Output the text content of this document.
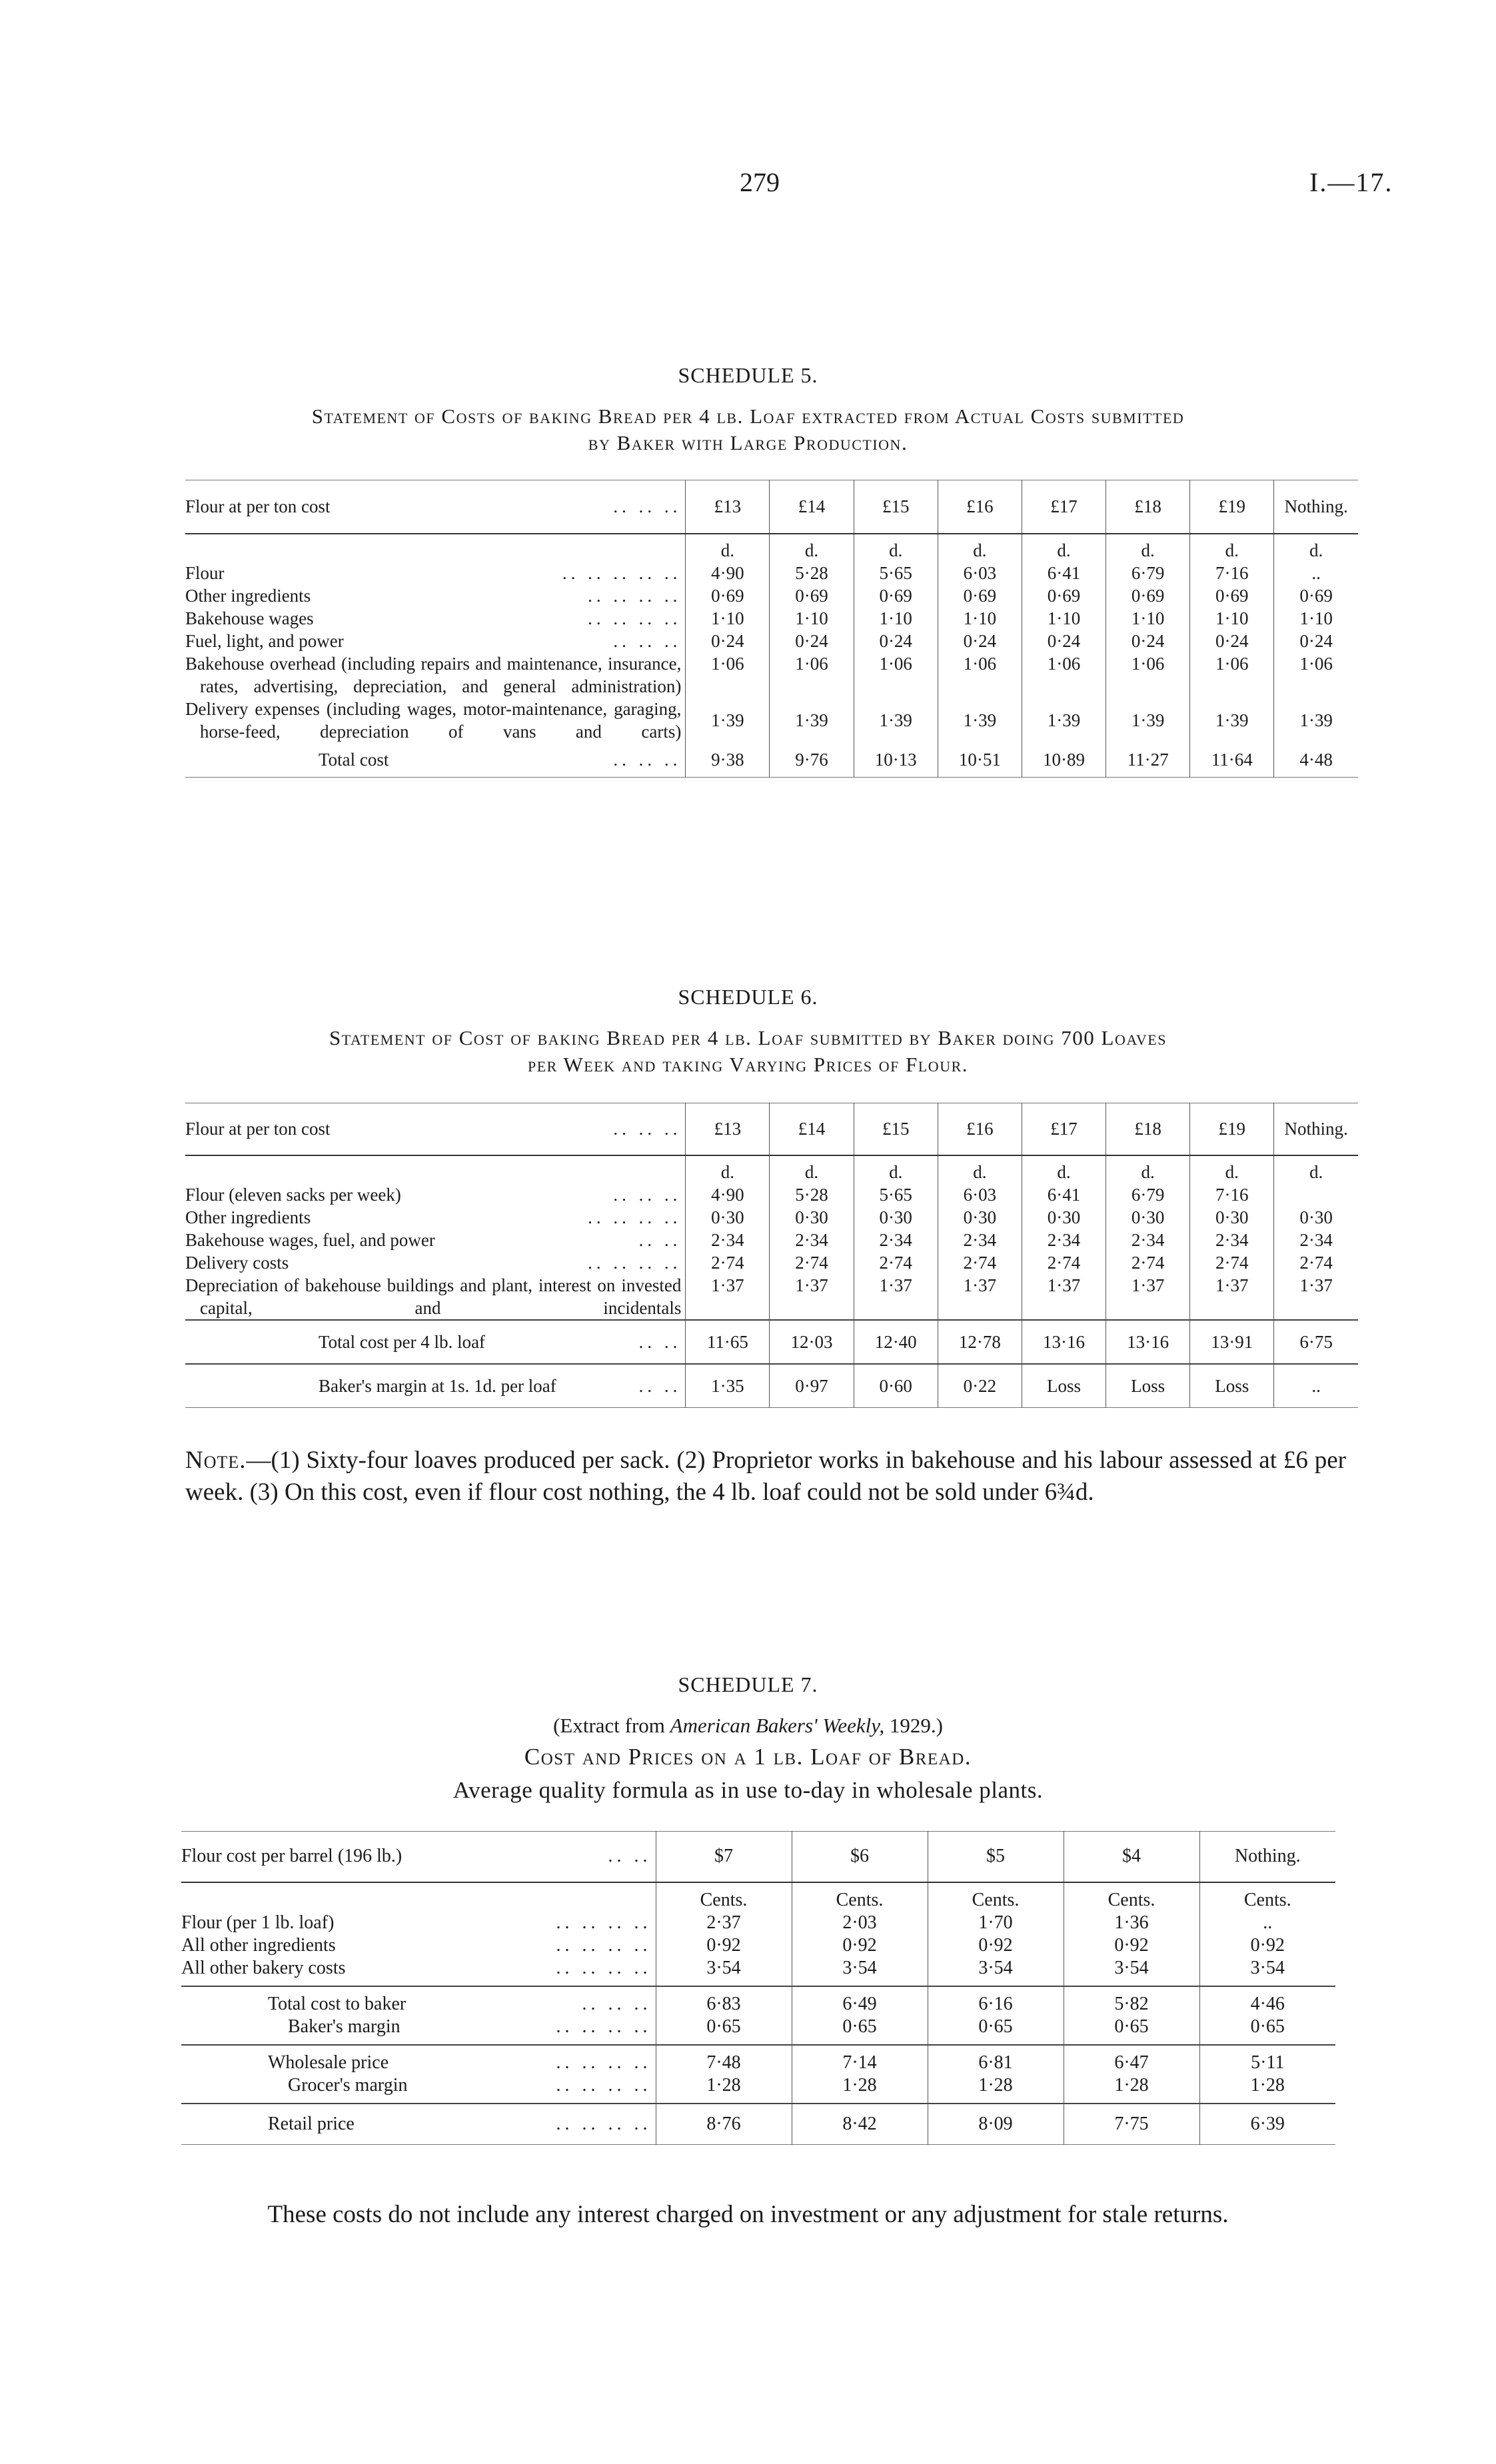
279	I.—17.
SCHEDULE 5.
Statement of Costs of baking Bread per 4 lb. Loaf extracted from Actual Costs submitted
by Baker with Large Production.
Flour at per ton cost .. .. ..	£13	£14	£15	£16	£17	£18	£19	Nothing.
	d.	d.	d.	d.	d.	d.	d.	d.
Flour .. .. .. .. ..	4·90	5·28	5·65	6·03	6·41	6·79	7·16	..
Other ingredients .. .. .. ..	0·69	0·69	0·69	0·69	0·69	0·69	0·69	0·69
Bakehouse wages .. .. .. ..	1·10	1·10	1·10	1·10	1·10	1·10	1·10	1·10
Fuel, light, and power .. .. ..	0·24	0·24	0·24	0·24	0·24	0·24	0·24	0·24
Bakehouse overhead (including repairs and maintenance, insurance, rates, advertising, depreciation, and general administration)	1·06	1·06	1·06	1·06	1·06	1·06	1·06	1·06
Delivery expenses (including wages, motor-maintenance, garaging, horse-feed, depreciation of vans and carts)	1·39	1·39	1·39	1·39	1·39	1·39	1·39	1·39
Total cost .. .. ..	9·38	9·76	10·13	10·51	10·89	11·27	11·64	4·48
SCHEDULE 6.
Statement of Cost of baking Bread per 4 lb. Loaf submitted by Baker doing 700 Loaves
per Week and taking Varying Prices of Flour.
Flour at per ton cost .. .. ..	£13	£14	£15	£16	£17	£18	£19	Nothing.
	d.	d.	d.	d.	d.	d.	d.	d.
Flour (eleven sacks per week) .. .. ..	4·90	5·28	5·65	6·03	6·41	6·79	7·16	
Other ingredients .. .. .. ..	0·30	0·30	0·30	0·30	0·30	0·30	0·30	0·30
Bakehouse wages, fuel, and power .. ..	2·34	2·34	2·34	2·34	2·34	2·34	2·34	2·34
Delivery costs .. .. .. ..	2·74	2·74	2·74	2·74	2·74	2·74	2·74	2·74
Depreciation of bakehouse buildings and plant, interest on invested capital, and incidentals	1·37	1·37	1·37	1·37	1·37	1·37	1·37	1·37
Total cost per 4 lb. loaf .. ..	11·65	12·03	12·40	12·78	13·16	13·16	13·91	6·75
Baker's margin at 1s. 1d. per loaf .. ..	1·35	0·97	0·60	0·22	Loss	Loss	Loss	..
Note.—(1) Sixty-four loaves produced per sack. (2) Proprietor works in bakehouse and his labour assessed at £6 per week. (3) On this cost, even if flour cost nothing, the 4 lb. loaf could not be sold under 6¾d.
SCHEDULE 7.
(Extract from American Bakers' Weekly, 1929.)
Cost and Prices on a 1 lb. Loaf of Bread.
Average quality formula as in use to-day in wholesale plants.
Flour cost per barrel (196 lb.) .. ..	$7	$6	$5	$4	Nothing.
	Cents.	Cents.	Cents.	Cents.	Cents.
Flour (per 1 lb. loaf) .. .. .. ..	2·37	2·03	1·70	1·36	..
All other ingredients .. .. .. ..	0·92	0·92	0·92	0·92	0·92
All other bakery costs .. .. .. ..	3·54	3·54	3·54	3·54	3·54
Total cost to baker .. .. ..	6·83	6·49	6·16	5·82	4·46
Baker's margin .. .. .. ..	0·65	0·65	0·65	0·65	0·65
Wholesale price .. .. .. ..	7·48	7·14	6·81	6·47	5·11
Grocer's margin .. .. .. ..	1·28	1·28	1·28	1·28	1·28
Retail price .. .. .. ..	8·76	8·42	8·09	7·75	6·39
These costs do not include any interest charged on investment or any adjustment for stale returns.
